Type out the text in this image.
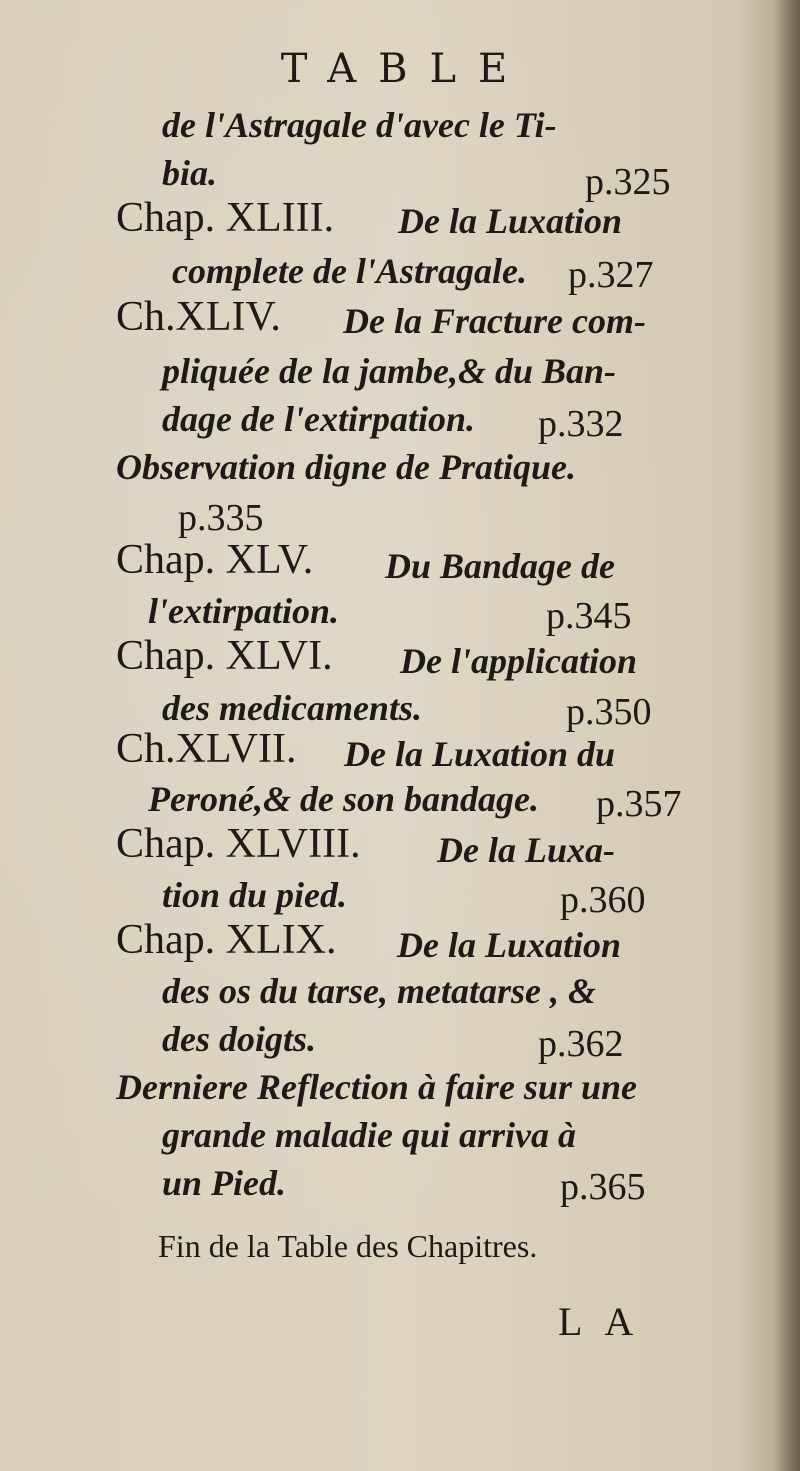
TABLE
de l'Astragale d'avec le Ti-
bia.	p.325
Chap. XLIII. De la Luxation
complete de l'Astragale. p.327
Ch.XLIV. De la Fracture com-
pliquée de la jambe,& du Ban-
dage de l'extirpation. p.332
Observation digne de Pratique.
p.335
Chap. XLV. Du Bandage de
l'extirpation.	p.345
Chap. XLVI. De l'application
des medicaments.	p.350
Ch.XLVII. De la Luxation du
Peroné,& de son bandage. p.357
Chap. XLVIII. De la Luxa-
tion du pied.	p.360
Chap. XLIX. De la Luxation
des os du tarse, metatarse , &
des doigts.	p.362
Derniere Reflection à faire sur une
grande maladie qui arriva à
un Pied.	p.365
Fin de la Table des Chapitres.
LA
